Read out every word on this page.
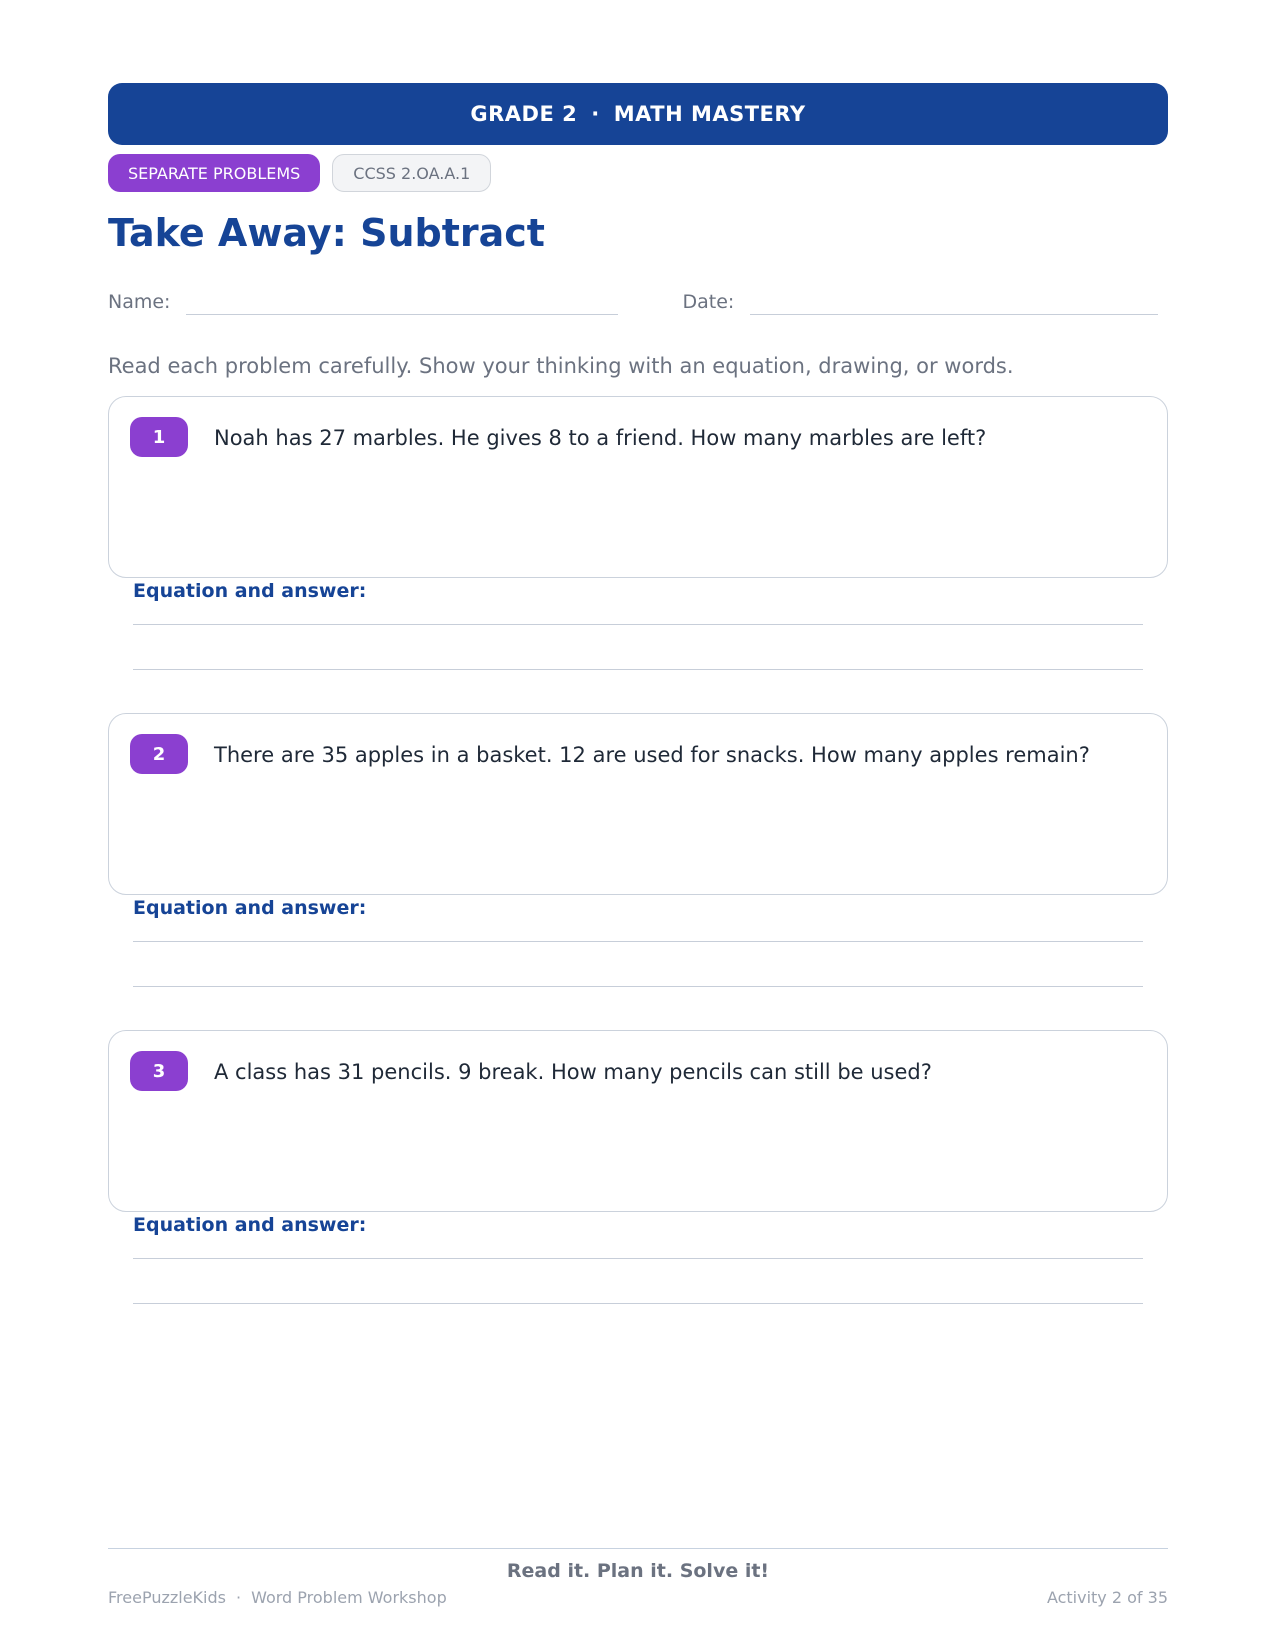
GRADE 2 · MATH MASTERY
SEPARATE PROBLEMS	CCSS 2.OA.A.1
Take Away: Subtract
Name:	Date:
Read each problem carefully. Show your thinking with an equation, drawing, or words.
1	Noah has 27 marbles. He gives 8 to a friend. How many marbles are left?
Equation and answer:
2	There are 35 apples in a basket. 12 are used for snacks. How many apples remain?
Equation and answer:
3	A class has 31 pencils. 9 break. How many pencils can still be used?
Equation and answer:
Read it. Plan it. Solve it!
FreePuzzleKids · Word Problem Workshop	Activity 2 of 35
